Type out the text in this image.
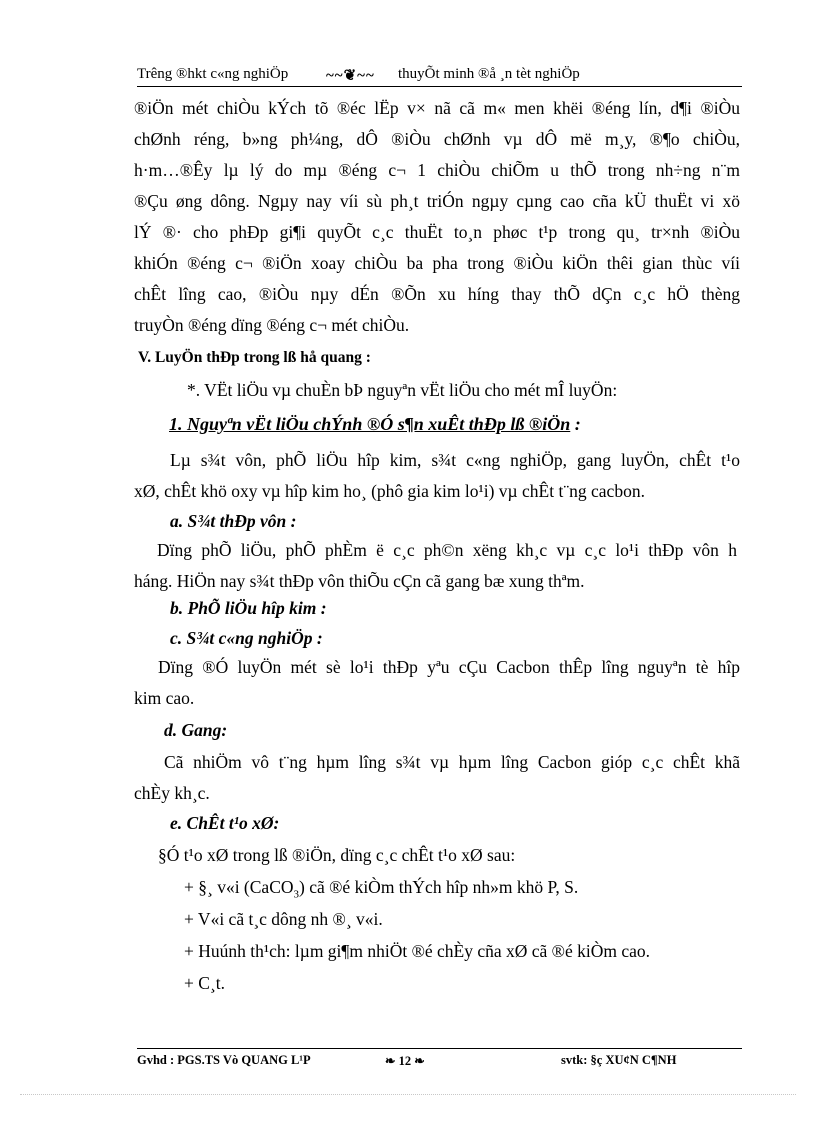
Trêng ®hkt c«ng nghiÖp	~~❦~~ thuyÕt minh ®å ¸n tèt nghiÖp
®iÖn mét chiÒu kÝch tõ ®éc lËp v× nã cã m« men khëi ®éng lín, d¶i ®iÒu
chØnh réng, b»ng ph¼ng, dÔ ®iÒu chØnh vµ dÔ më m¸y, ®¶o chiÒu,
h·m…®Êy lµ lý do mµ ®éng c¬ 1 chiÒu chiÕm u thÕ trong nh÷ng n¨m
®Çu øng dông. Ngµy nay víi sù ph¸t triÓn ngµy cµng cao cña kÜ thuËt vi xö
lÝ ®· cho phÐp gi¶i quyÕt c¸c thuËt to¸n phøc t¹p trong qu¸ tr×nh ®iÒu
khiÓn ®éng c¬ ®iÖn xoay chiÒu ba pha trong ®iÒu kiÖn thêi gian thùc víi
chÊt lîng cao, ®iÒu nµy dÉn ®Õn xu híng thay thÕ dÇn c¸c hÖ thèng
truyÒn ®éng dïng ®éng c¬ mét chiÒu.
V. LuyÖn thÐp trong lß hå quang :
*. VËt liÖu vµ chuÈn bÞ nguyªn vËt liÖu cho mét mÎ luyÖn:
1. Nguyªn vËt liÖu chÝnh ®Ó s¶n xuÊt thÐp lß ®iÖn :
Lµ s¾t vôn, phÕ liÖu hîp kim, s¾t c«ng nghiÖp, gang luyÖn, chÊt t¹o
xØ, chÊt khö oxy vµ hîp kim ho¸ (phô gia kim lo¹i) vµ chÊt t¨ng cacbon.
a. S¾t thÐp vôn :
Dïng phÕ liÖu, phÕ phÈm ë c¸c ph©n xëng kh¸c vµ c¸c lo¹i thÐp vôn h
háng. HiÖn nay s¾t thÐp vôn thiÕu cÇn cã gang bæ xung thªm.
b. PhÕ liÖu hîp kim :
c. S¾t c«ng nghiÖp :
Dïng ®Ó luyÖn mét sè lo¹i thÐp yªu cÇu Cacbon thÊp lîng nguyªn tè hîp
kim cao.
d. Gang:
Cã nhiÖm vô t¨ng hµm lîng s¾t vµ hµm lîng Cacbon gióp c¸c chÊt khã
chÈy kh¸c.
e. ChÊt t¹o xØ:
§Ó t¹o xØ trong lß ®iÖn, dïng c¸c chÊt t¹o xØ sau:
+ §¸ v«i (CaCO$_3$) cã ®é kiÒm thÝch hîp nh»m khö P, S.
+ V«i cã t¸c dông nh ®¸ v«i.
+ Huúnh th¹ch: lµm gi¶m nhiÖt ®é chÈy cña xØ cã ®é kiÒm cao.
+ C¸t.
Gvhd : PGS.TS Vò QUANG L¹P	❧ 12 ❧	svtk: §ç XU¢N C¶NH
